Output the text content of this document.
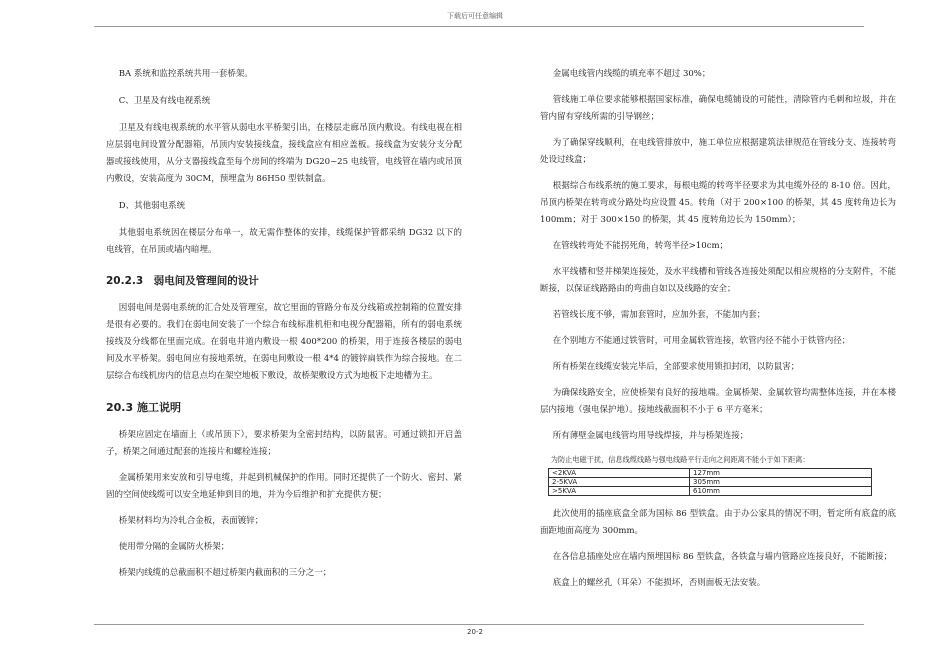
下载后可任意编辑

BA 系统和监控系统共用一套桥架。

C、卫星及有线电视系统

卫星及有线电视系统的水平管从弱电水平桥架引出，在楼层走廊吊顶内敷设。有线电视在相应层弱电间设置分配器箱，吊顶内安装接线盒，接线盒应有相应盖板。接线盒为安装分支分配器或接线使用，从分支器接线盒至每个房间的终端为 DG20~25 电线管，电线管在墙内或吊顶内敷设，安装高度为 30CM，预埋盒为 86H50 型铁制盒。

D、其他弱电系统

其他弱电系统因在楼层分布单一，故无需作整体的安排，线缆保护管都采纳 DG32 以下的电线管，在吊顶或墙内暗埋。

20.2.3　弱电间及管理间的设计

因弱电间是弱电系统的汇合处及管理室，故它里面的管路分布及分线箱或控制箱的位置安排是很有必要的。我们在弱电间安装了一个综合布线标准机柜和电视分配器箱，所有的弱电系统接线及分线都在里面完成。在弱电井道内敷设一根 400*200 的桥架，用于连接各楼层的弱电间及水平桥架。弱电间应有接地系统，在弱电间敷设一根 4*4 的镀锌扁铁作为综合接地。在二层综合布线机房内的信息点均在架空地板下敷设，故桥架敷设方式为地板下走地槽为主。

20.3 施工说明

桥架应固定在墙面上（或吊顶下），要求桥架为全密封结构，以防鼠害。可通过锁扣开启盖子，桥架之间通过配套的连接片和螺栓连接；

金属桥架用来安放和引导电缆，并起到机械保护的作用。同时还提供了一个防火、密封、紧固的空间使线缆可以安全地延伸到目的地，并为今后维护和扩充提供方便；

桥架材料均为冷轧合金板，表面镀锌；

使用带分隔的金属防火桥架；

桥架内线缆的总截面积不超过桥架内截面积的三分之一；

金属电线管内线缆的填充率不超过 30%；

管线施工单位要求能够根据国家标准，确保电缆铺设的可能性，清除管内毛刺和垃圾，并在管内留有穿线所需的引导钢丝；

为了确保穿线顺利，在电线管排放中，施工单位应根据建筑法律规范在管线分支、连接转弯处设过线盒；

根据综合布线系统的施工要求，每根电缆的转弯半径要求为其电缆外径的 8-10 倍。因此，吊顶内桥架在转弯或分路处均应设置 45。转角（对于 200×100 的桥架，其 45 度转角边长为 100mm；对于 300×150 的桥架，其 45 度转角边长为 150mm）；

在管线转弯处不能拐死角，转弯半径>10cm；

水平线槽和竖井梯架连接处，及水平线槽和管线各连接处须配以相应规格的分支附件，不能断接，以保证线路路由的弯曲自如以及线路的安全；

若管线长度不够，需加套管时，应加外套，不能加内套；

在个别地方不能通过铁管时，可用金属软管连接，软管内径不能小于铁管内径；

所有桥架在线缆安装完毕后，全部要求使用锁扣封闭，以防鼠害；

为确保线路安全，应使桥架有良好的接地端。金属桥架、金属软管均需整体连接，并在本楼层内接地（强电保护地）。接地线截面积不小于 6 平方毫米；

所有薄壁金属电线管均用导线焊接，并与桥架连接；

为防止电磁干扰，信息线缆线路与强电线路平行走向之间距离不能小于如下距离：

<2KVA	127mm
2-5KVA	305mm
>5KVA	610mm

此次使用的插座底盒全部为国标 86 型铁盒。由于办公家具的情况不明，暂定所有底盒的底面距地面高度为 300mm。

在各信息插座处应在墙内预埋国标 86 型铁盒，各铁盒与墙内管路应连接良好，不能断接；

底盒上的螺丝孔（耳朵）不能损坏，否则面板无法安装。

20-2
